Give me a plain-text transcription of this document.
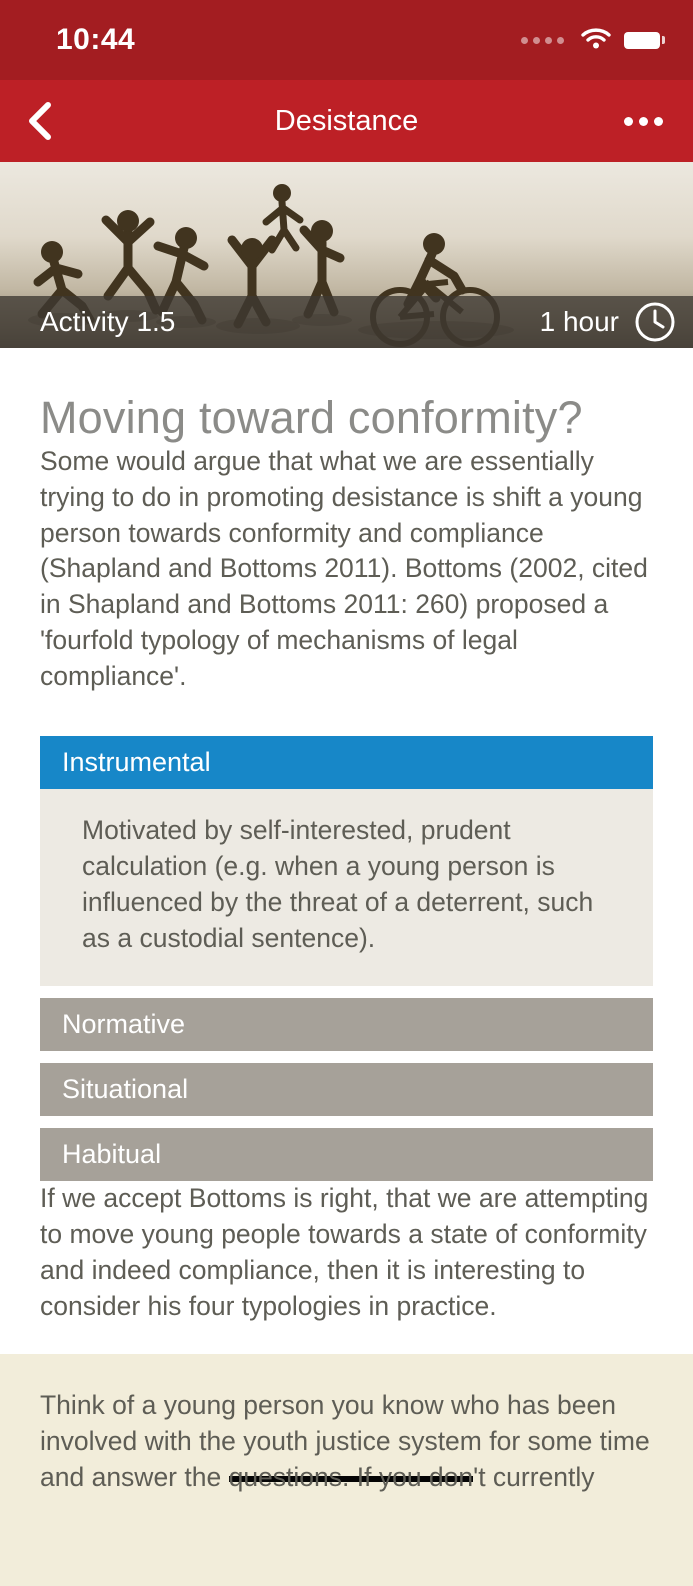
10:44
Desistance
Activity 1.5	1 hour
Moving toward conformity?

Some would argue that what we are essentially trying to do in promoting desistance is shift a young person towards conformity and compliance (Shapland and Bottoms 2011). Bottoms (2002, cited in Shapland and Bottoms 2011: 260) proposed a 'fourfold typology of mechanisms of legal compliance'.

Instrumental

Motivated by self-interested, prudent calculation (e.g. when a young person is influenced by the threat of a deterrent, such as a custodial sentence).

Normative
Situational
Habitual

If we accept Bottoms is right, that we are attempting to move young people towards a state of conformity and indeed compliance, then it is interesting to consider his four typologies in practice.

Think of a young person you know who has been involved with the youth justice system for some time and answer the questions. If you don't currently
